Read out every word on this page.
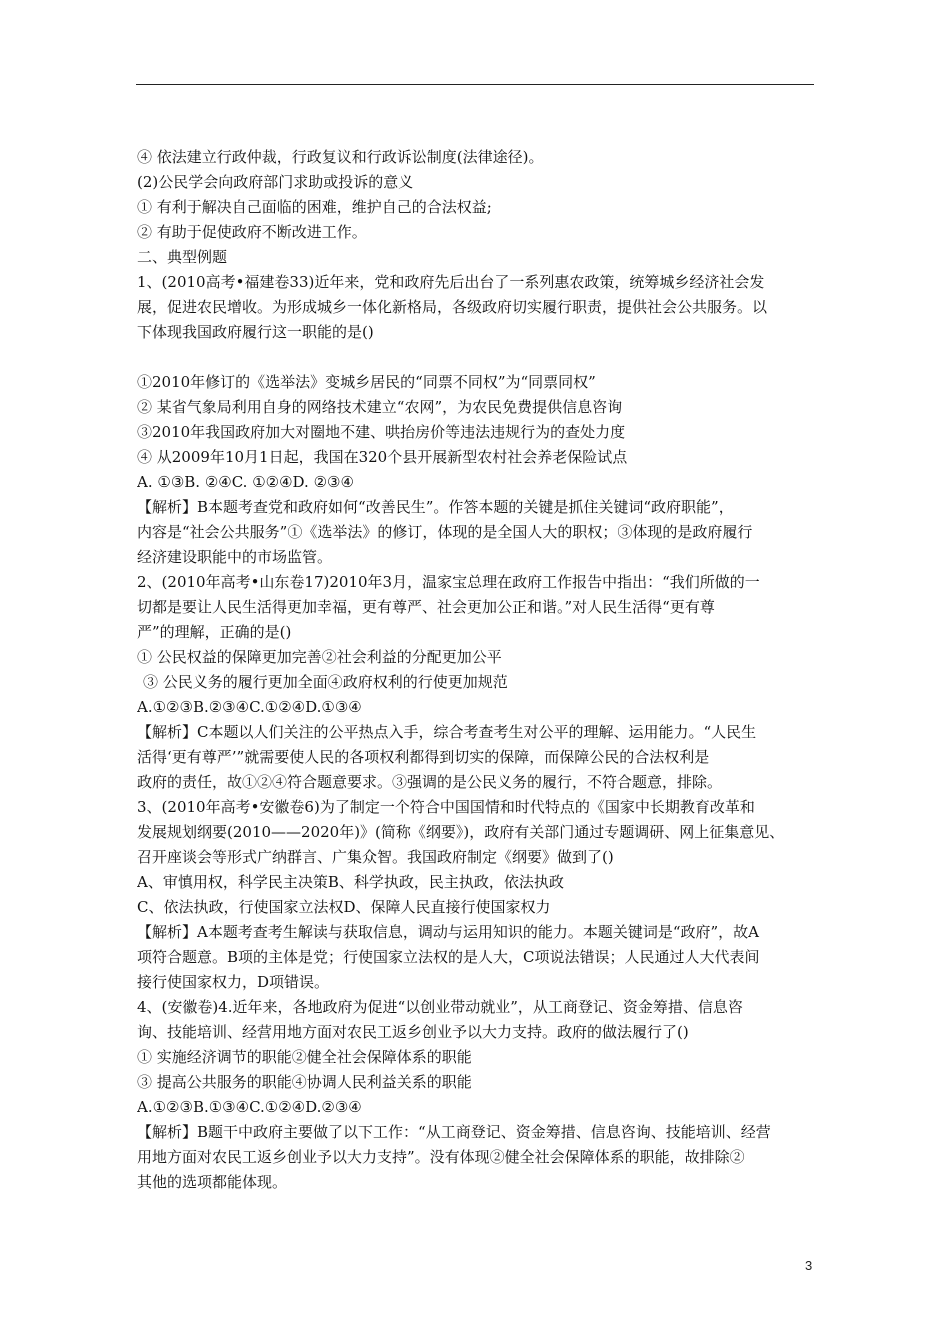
④ 依法建立行政仲裁，行政复议和行政诉讼制度(法律途径)。
(2)公民学会向政府部门求助或投诉的意义
① 有利于解决自己面临的困难，维护自己的合法权益;
② 有助于促使政府不断改进工作。
二、典型例题
1、(2010高考•福建卷33)近年来，党和政府先后出台了一系列惠农政策，统筹城乡经济社会发
展，促进农民增收。为形成城乡一体化新格局，各级政府切实履行职责，提供社会公共服务。以
下体现我国政府履行这一职能的是()
①2010年修订的《选举法》变城乡居民的“同票不同权”为“同票同权”
② 某省气象局利用自身的网络技术建立“农网”，为农民免费提供信息咨询
③2010年我国政府加大对圈地不建、哄抬房价等违法违规行为的查处力度
④ 从2009年10月1日起，我国在320个县开展新型农村社会养老保险试点
A. ①③B. ②④C. ①②④D. ②③④
【解析】B本题考查党和政府如何“改善民生”。作答本题的关键是抓住关键词“政府职能”，
内容是“社会公共服务”①《选举法》的修订，体现的是全国人大的职权；③体现的是政府履行
经济建设职能中的市场监管。
2、(2010年高考•山东卷17)2010年3月，温家宝总理在政府工作报告中指出：“我们所做的一
切都是要让人民生活得更加幸福，更有尊严、社会更加公正和谐。”对人民生活得“更有尊
严”的理解，正确的是()
① 公民权益的保障更加完善②社会利益的分配更加公平
③ 公民义务的履行更加全面④政府权利的行使更加规范
A.①②③B.②③④C.①②④D.①③④
【解析】C本题以人们关注的公平热点入手，综合考查考生对公平的理解、运用能力。“人民生
活得‘更有尊严’”就需要使人民的各项权利都得到切实的保障，而保障公民的合法权利是
政府的责任，故①②④符合题意要求。③强调的是公民义务的履行，不符合题意，排除。
3、(2010年高考•安徽卷6)为了制定一个符合中国国情和时代特点的《国家中长期教育改革和
发展规划纲要(2010——2020年)》(简称《纲要》)，政府有关部门通过专题调研、网上征集意见、
召开座谈会等形式广纳群言、广集众智。我国政府制定《纲要》做到了()
A、审慎用权，科学民主决策B、科学执政，民主执政，依法执政
C、依法执政，行使国家立法权D、保障人民直接行使国家权力
【解析】A本题考查考生解读与获取信息，调动与运用知识的能力。本题关键词是“政府”，故A
项符合题意。B项的主体是党；行使国家立法权的是人大，C项说法错误；人民通过人大代表间
接行使国家权力，D项错误。
4、(安徽卷)4.近年来，各地政府为促进“以创业带动就业”，从工商登记、资金筹措、信息咨
询、技能培训、经营用地方面对农民工返乡创业予以大力支持。政府的做法履行了()
① 实施经济调节的职能②健全社会保障体系的职能
③ 提高公共服务的职能④协调人民利益关系的职能
A.①②③B.①③④C.①②④D.②③④
【解析】B题干中政府主要做了以下工作：“从工商登记、资金筹措、信息咨询、技能培训、经营
用地方面对农民工返乡创业予以大力支持”。没有体现②健全社会保障体系的职能，故排除②
其他的选项都能体现。
3
